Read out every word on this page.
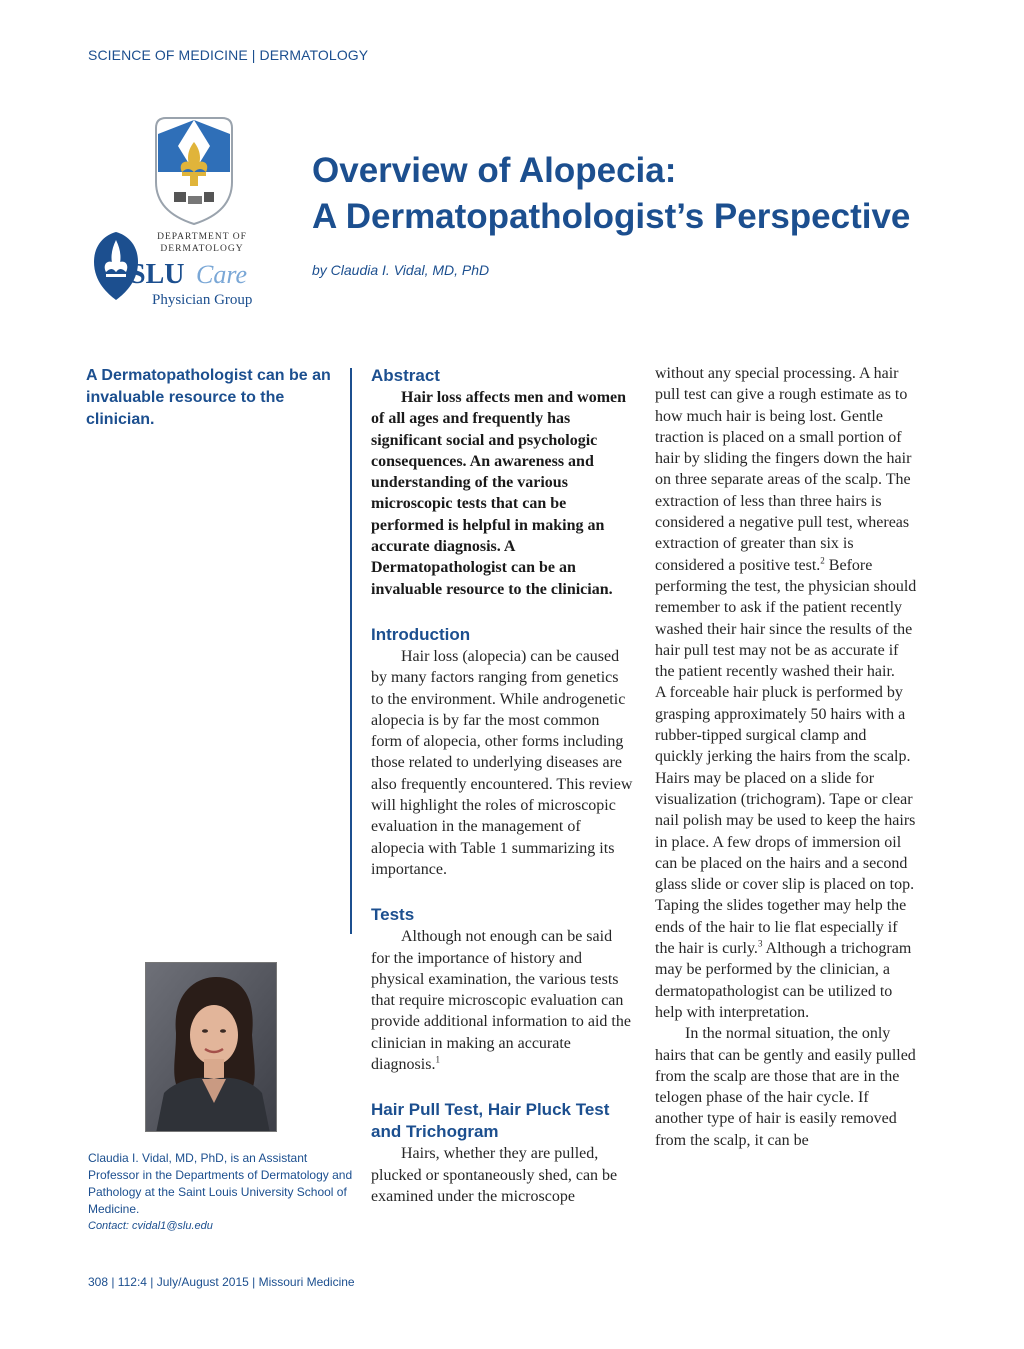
SCIENCE OF MEDICINE | DERMATOLOGY
DEPARTMENT OF
DERMATOLOGY
SLU Care
Physician Group
Overview of Alopecia:
A Dermatopathologist’s Perspective
by Claudia I. Vidal, MD, PhD
A Dermatopathologist can be an invaluable resource to the clinician.
Claudia I. Vidal, MD, PhD, is an Assistant Professor in the Departments of Dermatology and Pathology at the Saint Louis University School of Medicine.
Contact: cvidal1@slu.edu
Abstract
Hair loss affects men and women of all ages and frequently has significant social and psychologic consequences. An awareness and understanding of the various microscopic tests that can be performed is helpful in making an accurate diagnosis. A Dermatopathologist can be an invaluable resource to the clinician.
Introduction
Hair loss (alopecia) can be caused by many factors ranging from genetics to the environment. While androgenetic alopecia is by far the most common form of alopecia, other forms including those related to underlying diseases are also frequently encountered. This review will highlight the roles of microscopic evaluation in the management of alopecia with Table 1 summarizing its importance.
Tests
Although not enough can be said for the importance of history and physical examination, the various tests that require microscopic evaluation can provide additional information to aid the clinician in making an accurate diagnosis.$^1$
Hair Pull Test, Hair Pluck Test and Trichogram
Hairs, whether they are pulled, plucked or spontaneously shed, can be examined under the microscope
without any special processing. A hair pull test can give a rough estimate as to how much hair is being lost. Gentle traction is placed on a small portion of hair by sliding the fingers down the hair on three separate areas of the scalp. The extraction of less than three hairs is considered a negative pull test, whereas extraction of greater than six is considered a positive test.$^2$ Before performing the test, the physician should remember to ask if the patient recently washed their hair since the results of the hair pull test may not be as accurate if the patient recently washed their hair.
A forceable hair pluck is performed by grasping approximately 50 hairs with a rubber-tipped surgical clamp and quickly jerking the hairs from the scalp. Hairs may be placed on a slide for visualization (trichogram). Tape or clear nail polish may be used to keep the hairs in place. A few drops of immersion oil can be placed on the hairs and a second glass slide or cover slip is placed on top. Taping the slides together may help the ends of the hair to lie flat especially if the hair is curly.$^3$ Although a trichogram may be performed by the clinician, a dermatopathologist can be utilized to help with interpretation.
In the normal situation, the only hairs that can be gently and easily pulled from the scalp are those that are in the telogen phase of the hair cycle. If another type of hair is easily removed from the scalp, it can be
308 | 112:4 | July/August 2015 | Missouri Medicine
